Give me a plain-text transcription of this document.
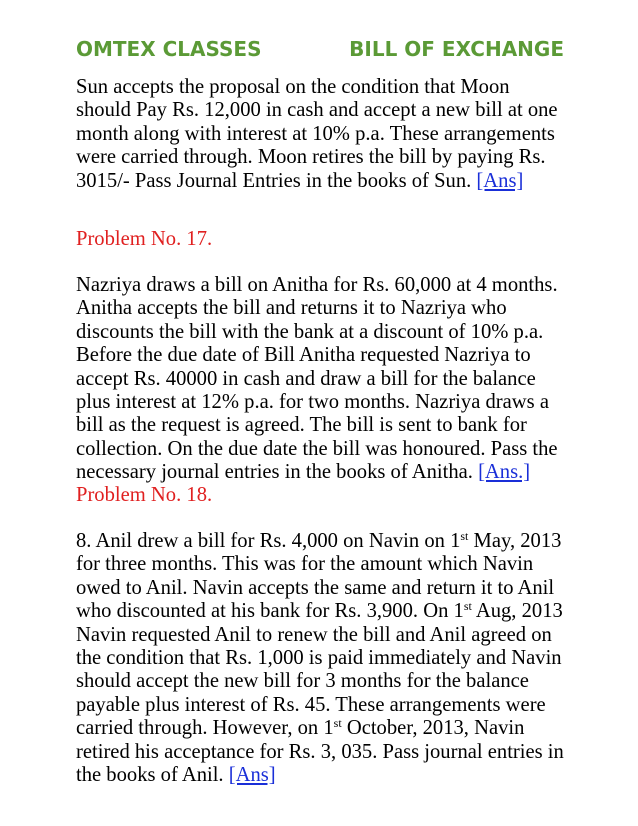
OMTEX CLASSES	BILL OF EXCHANGE
Sun accepts the proposal on the condition that Moon should Pay Rs. 12,000 in cash and accept a new bill at one month along with interest at 10% p.a. These arrangements were carried through. Moon retires the bill by paying Rs. 3015/- Pass Journal Entries in the books of Sun. [Ans]
Problem No. 17.
Nazriya draws a bill on Anitha for Rs. 60,000 at 4 months. Anitha accepts the bill and returns it to Nazriya who discounts the bill with the bank at a discount of 10% p.a. Before the due date of Bill Anitha requested Nazriya to accept Rs. 40000 in cash and draw a bill for the balance plus interest at 12% p.a. for two months. Nazriya draws a bill as the request is agreed. The bill is sent to bank for collection. On the due date the bill was honoured. Pass the necessary journal entries in the books of Anitha. [Ans.]
Problem No. 18.
8. Anil drew a bill for Rs. 4,000 on Navin on 1st May, 2013 for three months. This was for the amount which Navin owed to Anil. Navin accepts the same and return it to Anil who discounted at his bank for Rs. 3,900. On 1st Aug, 2013 Navin requested Anil to renew the bill and Anil agreed on the condition that Rs. 1,000 is paid immediately and Navin should accept the new bill for 3 months for the balance payable plus interest of Rs. 45. These arrangements were carried through. However, on 1st October, 2013, Navin retired his acceptance for Rs. 3, 035. Pass journal entries in the books of Anil. [Ans]
